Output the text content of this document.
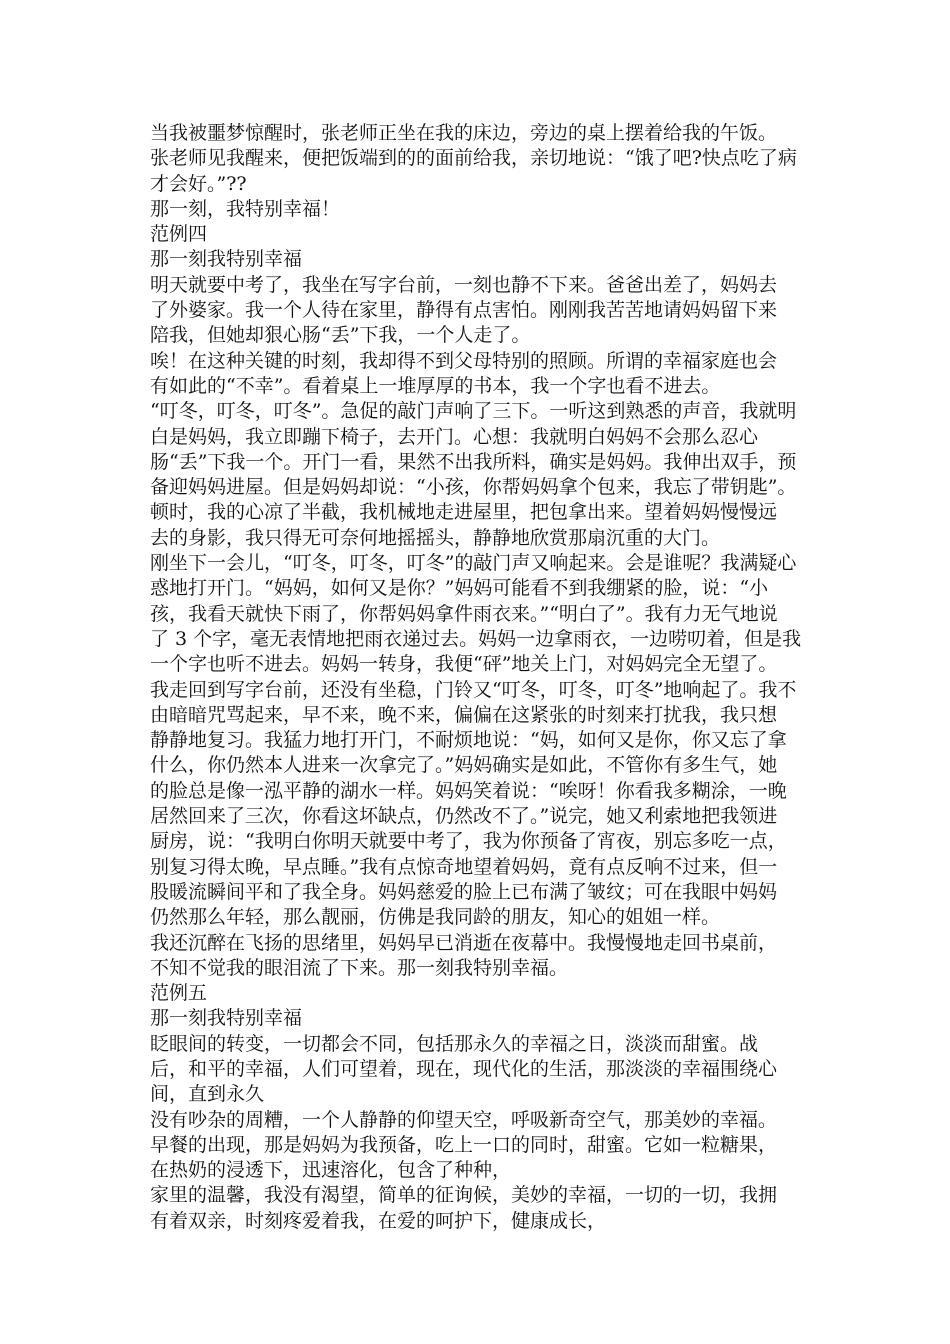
当我被噩梦惊醒时，张老师正坐在我的床边，旁边的桌上摆着给我的午饭。
张老师见我醒来，便把饭端到的的面前给我，亲切地说：“饿了吧?快点吃了病
才会好。”??

那一刻，我特别幸福！

范例四

那一刻我特别幸福

明天就要中考了，我坐在写字台前，一刻也静不下来。爸爸出差了，妈妈去
了外婆家。我一个人待在家里，静得有点害怕。刚刚我苦苦地请妈妈留下来
陪我，但她却狠心肠“丢”下我，一个人走了。

唉！在这种关键的时刻，我却得不到父母特别的照顾。所谓的幸福家庭也会
有如此的“不幸”。看着桌上一堆厚厚的书本，我一个字也看不进去。

“叮冬，叮冬，叮冬”。急促的敲门声响了三下。一听这到熟悉的声音，我就明
白是妈妈，我立即蹦下椅子，去开门。心想：我就明白妈妈不会那么忍心
肠“丢”下我一个。开门一看，果然不出我所料，确实是妈妈。我伸出双手，预
备迎妈妈进屋。但是妈妈却说：“小孩，你帮妈妈拿个包来，我忘了带钥匙”。
顿时，我的心凉了半截，我机械地走进屋里，把包拿出来。望着妈妈慢慢远
去的身影，我只得无可奈何地摇摇头，静静地欣赏那扇沉重的大门。

刚坐下一会儿，“叮冬，叮冬，叮冬”的敲门声又响起来。会是谁呢？我满疑心
惑地打开门。“妈妈，如何又是你？”妈妈可能看不到我绷紧的脸，说：“小
孩，我看天就快下雨了，你帮妈妈拿件雨衣来。”“明白了”。我有力无气地说
了 3 个字，毫无表情地把雨衣递过去。妈妈一边拿雨衣，一边唠叨着，但是我
一个字也听不进去。妈妈一转身，我便“砰”地关上门，对妈妈完全无望了。

我走回到写字台前，还没有坐稳，门铃又“叮冬，叮冬，叮冬”地响起了。我不
由暗暗咒骂起来，早不来，晚不来，偏偏在这紧张的时刻来打扰我，我只想
静静地复习。我猛力地打开门，不耐烦地说：“妈，如何又是你，你又忘了拿
什么，你仍然本人进来一次拿完了。”妈妈确实是如此，不管你有多生气，她
的脸总是像一泓平静的湖水一样。妈妈笑着说：“唉呀！你看我多糊涂，一晚
居然回来了三次，你看这坏缺点，仍然改不了。”说完，她又利索地把我领进
厨房，说：“我明白你明天就要中考了，我为你预备了宵夜，别忘多吃一点，
别复习得太晚，早点睡。”我有点惊奇地望着妈妈，竟有点反响不过来，但一
股暖流瞬间平和了我全身。妈妈慈爱的脸上已布满了皱纹；可在我眼中妈妈
仍然那么年轻，那么靓丽，仿佛是我同龄的朋友，知心的姐姐一样。

我还沉醉在飞扬的思绪里，妈妈早已消逝在夜幕中。我慢慢地走回书桌前，
不知不觉我的眼泪流了下来。那一刻我特别幸福。

范例五

那一刻我特别幸福

眨眼间的转变，一切都会不同，包括那永久的幸福之日，淡淡而甜蜜。战
后，和平的幸福，人们可望着，现在，现代化的生活，那淡淡的幸福围绕心
间，直到永久

没有吵杂的周糟，一个人静静的仰望天空，呼吸新奇空气，那美妙的幸福。
早餐的出现，那是妈妈为我预备，吃上一口的同时，甜蜜。它如一粒糖果，
在热奶的浸透下，迅速溶化，包含了种种，

家里的温馨，我没有渴望，简单的征询候，美妙的幸福，一切的一切，我拥
有着双亲，时刻疼爱着我，在爱的呵护下，健康成长，
